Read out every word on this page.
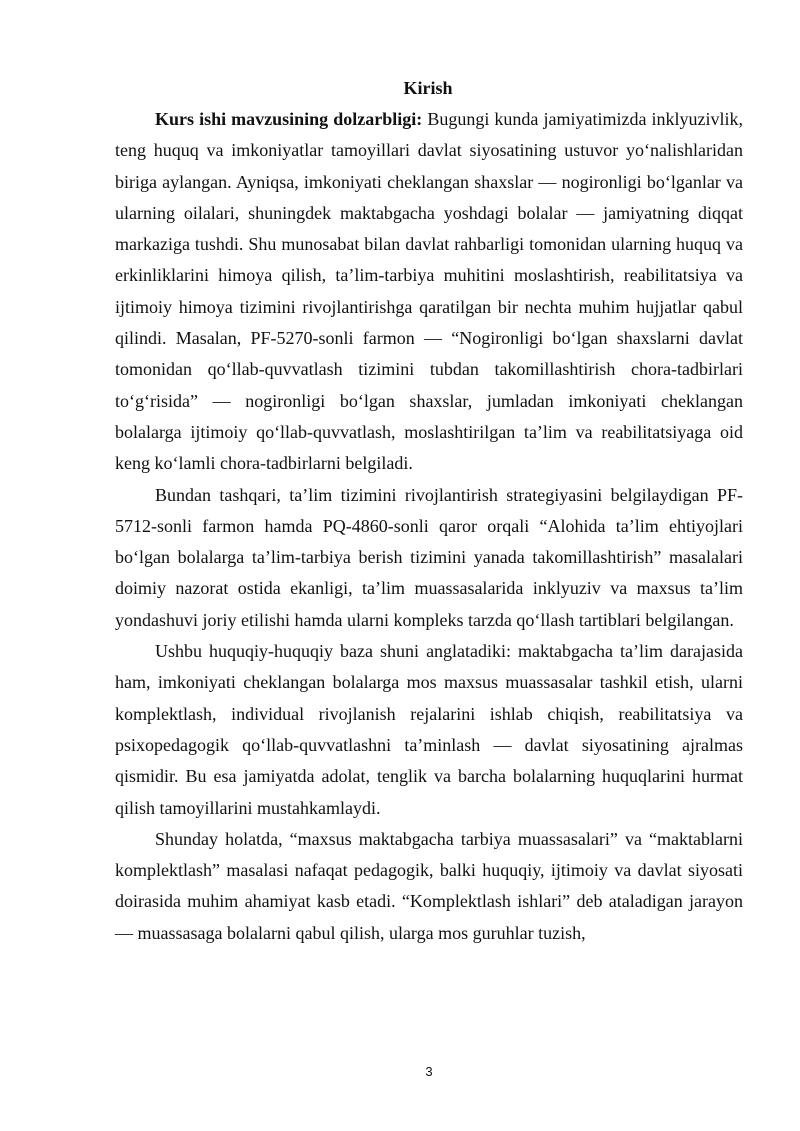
Kirish

Kurs ishi mavzusining dolzarbligi: Bugungi kunda jamiyatimizda inklyuzivlik, teng huquq va imkoniyatlar tamoyillari davlat siyosatining ustuvor yo‘nalishlaridan biriga aylangan. Ayniqsa, imkoniyati cheklangan shaxslar — nogironligi bo‘lganlar va ularning oilalari, shuningdek maktabgacha yoshdagi bolalar — jamiyatning diqqat markaziga tushdi. Shu munosabat bilan davlat rahbarligi tomonidan ularning huquq va erkinliklarini himoya qilish, ta’lim-tarbiya muhitini moslashtirish, reabilitatsiya va ijtimoiy himoya tizimini rivojlantirishga qaratilgan bir nechta muhim hujjatlar qabul qilindi. Masalan, PF-5270-sonli farmon — “Nogironligi bo‘lgan shaxslarni davlat tomonidan qo‘llab-quvvatlash tizimini tubdan takomillashtirish chora-tadbirlari to‘g‘risida” — nogironligi bo‘lgan shaxslar, jumladan imkoniyati cheklangan bolalarga ijtimoiy qo‘llab-quvvatlash, moslashtirilgan ta’lim va reabilitatsiyaga oid keng ko‘lamli chora-tadbirlarni belgiladi.

Bundan tashqari, ta’lim tizimini rivojlantirish strategiyasini belgilaydigan PF-5712-sonli farmon hamda PQ-4860-sonli qaror orqali “Alohida ta’lim ehtiyojlari bo‘lgan bolalarga ta’lim-tarbiya berish tizimini yanada takomillashtirish” masalalari doimiy nazorat ostida ekanligi, ta’lim muassasalarida inklyuziv va maxsus ta’lim yondashuvi joriy etilishi hamda ularni kompleks tarzda qo‘llash tartiblari belgilangan.

Ushbu huquqiy-huquqiy baza shuni anglatadiki: maktabgacha ta’lim darajasida ham, imkoniyati cheklangan bolalarga mos maxsus muassasalar tashkil etish, ularni komplektlash, individual rivojlanish rejalarini ishlab chiqish, reabilitatsiya va psixopedagogik qo‘llab-quvvatlashni ta’minlash — davlat siyosatining ajralmas qismidir. Bu esa jamiyatda adolat, tenglik va barcha bolalarning huquqlarini hurmat qilish tamoyillarini mustahkamlaydi.

Shunday holatda, “maxsus maktabgacha tarbiya muassasalari” va “maktablarni komplektlash” masalasi nafaqat pedagogik, balki huquqiy, ijtimoiy va davlat siyosati doirasida muhim ahamiyat kasb etadi. “Komplektlash ishlari” deb ataladigan jarayon — muassasaga bolalarni qabul qilish, ularga mos guruhlar tuzish,

3
